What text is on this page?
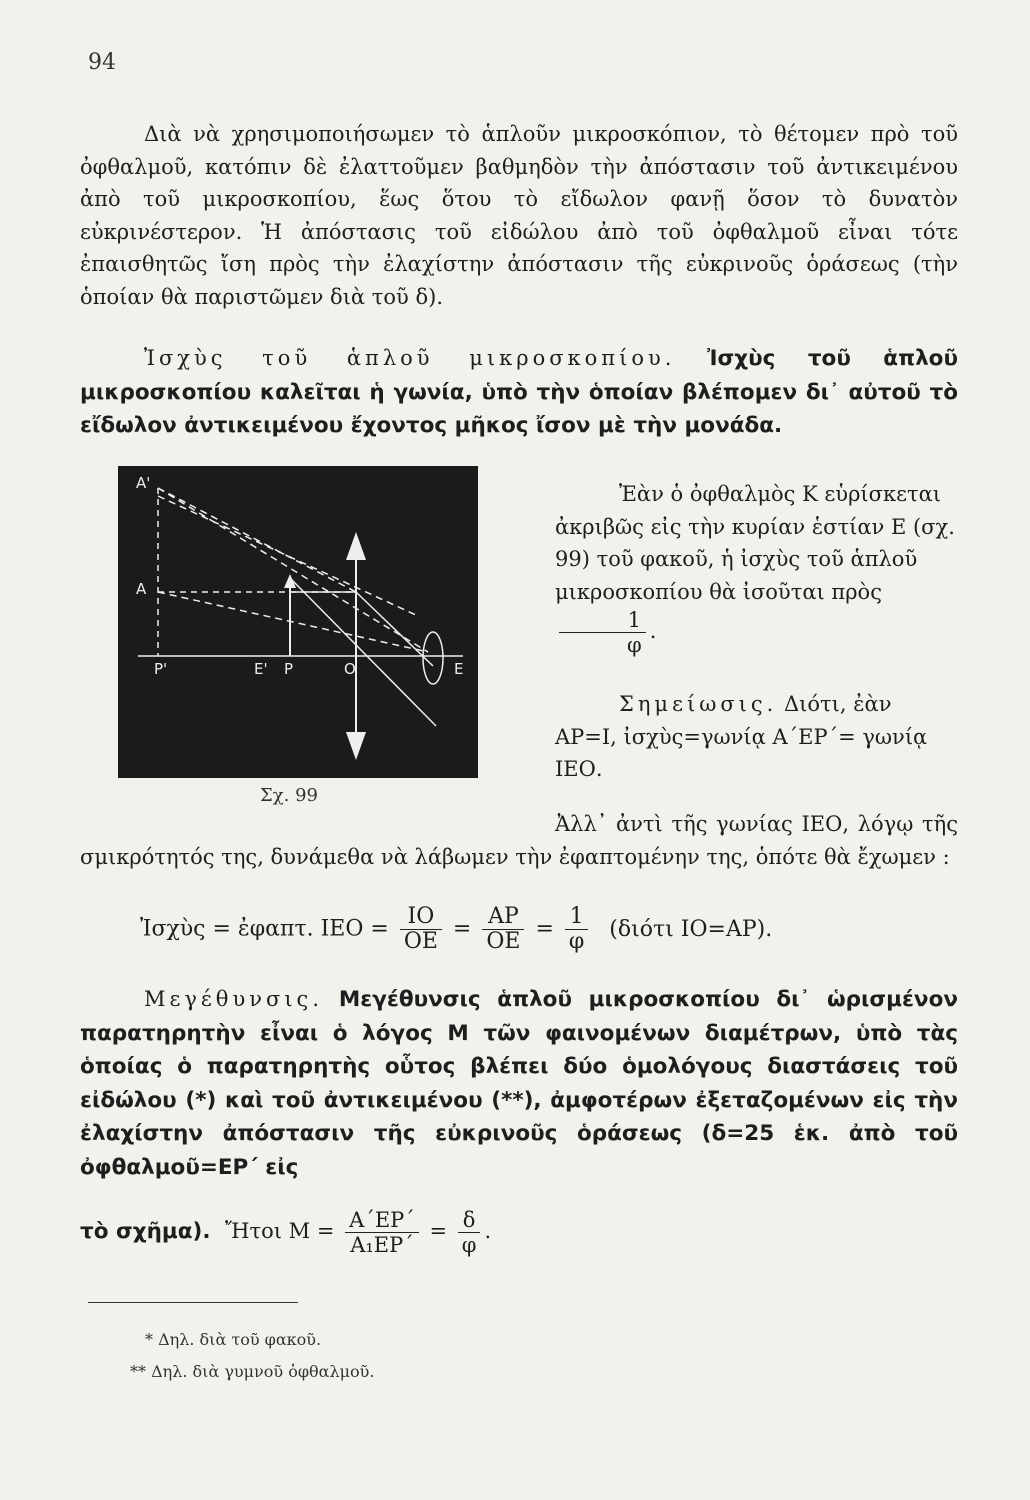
94

Διὰ νὰ χρησιμοποιήσωμεν τὸ ἁπλοῦν μικροσκόπιον, τὸ θέτομεν πρὸ τοῦ ὀφθαλμοῦ, κατόπιν δὲ ἐλαττοῦμεν βαθμηδὸν τὴν ἀπόστασιν τοῦ ἀντικειμένου ἀπὸ τοῦ μικροσκοπίου, ἕως ὅτου τὸ εἴδωλον φανῇ ὅσον τὸ δυνατὸν εὐκρινέστερον. Ἡ ἀπόστασις τοῦ εἰδώλου ἀπὸ τοῦ ὀφθαλμοῦ εἶναι τότε ἐπαισθητῶς ἴση πρὸς τὴν ἐλαχίστην ἀπόστασιν τῆς εὐκρινοῦς ὁράσεως (τὴν ὁποίαν θὰ παριστῶμεν διὰ τοῦ δ).

Ἰσχὺς τοῦ ἁπλοῦ μικροσκοπίου. Ἰσχὺς τοῦ ἁπλοῦ μικροσκοπίου καλεῖται ἡ γωνία, ὑπὸ τὴν ὁποίαν βλέπομεν δι᾽ αὐτοῦ τὸ εἴδωλον ἀντικειμένου ἔχοντος μῆκος ἴσον μὲ τὴν μονάδα.

A'
A
P'	E' P	O	E
Σχ. 99

Ἐὰν ὁ ὀφθαλμὸς Κ εὑρίσκεται ἀκριβῶς εἰς τὴν κυρίαν ἑστίαν Ε (σχ. 99) τοῦ φακοῦ, ἡ ἰσχὺς τοῦ ἁπλοῦ μικροσκοπίου θὰ ἰσοῦται πρὸς
$\frac{1}{\varphi}$ .

Σημείωσις. Διότι, ἐὰν ΑΡ=Ι, ἰσχὺς=γωνίᾳ Α΄ΕΡ΄= γωνίᾳ ΙΕΟ.

Ἀλλ᾽ ἀντὶ τῆς γωνίας ΙΕΟ, λόγῳ τῆς σμικρότητός της, δυνάμεθα νὰ λάβωμεν τὴν ἐφαπτομένην της, ὁπότε θὰ ἔχωμεν :

Ἰσχὺς = ἐφαπτ. $IEO = \frac{IO}{OE} = \frac{AP}{OE} = \frac{1}{\varphi} (\delta\iota ό\tau\iota$ ΙΟ=ΑΡ).

Μεγέθυνσις. Μεγέθυνσις ἁπλοῦ μικροσκοπίου δι᾽ ὡρισμένον παρατηρητὴν εἶναι ὁ λόγος Μ τῶν φαινομένων διαμέτρων, ὑπὸ τὰς ὁποίας ὁ παρατηρητὴς οὗτος βλέπει δύο ὁμολόγους διαστάσεις τοῦ εἰδώλου (*) καὶ τοῦ ἀντικειμένου (**), ἀμφοτέρων ἐξεταζομένων εἰς τὴν ἐλαχίστην ἀπόστασιν τῆς εὐκρινοῦς ὁράσεως (δ=25 ἑκ. ἀπὸ τοῦ ὀφθαλμοῦ=ΕΡ΄ εἰς

τὸ σχῆμα). Ἤτοι $M = \frac{A΄EP΄}{\text{Α₁ΕΡ΄}} = \frac{\delta}{\varphi}$ .
* Δηλ. διὰ τοῦ φακοῦ.
** Δηλ. διὰ γυμνοῦ ὀφθαλμοῦ.
